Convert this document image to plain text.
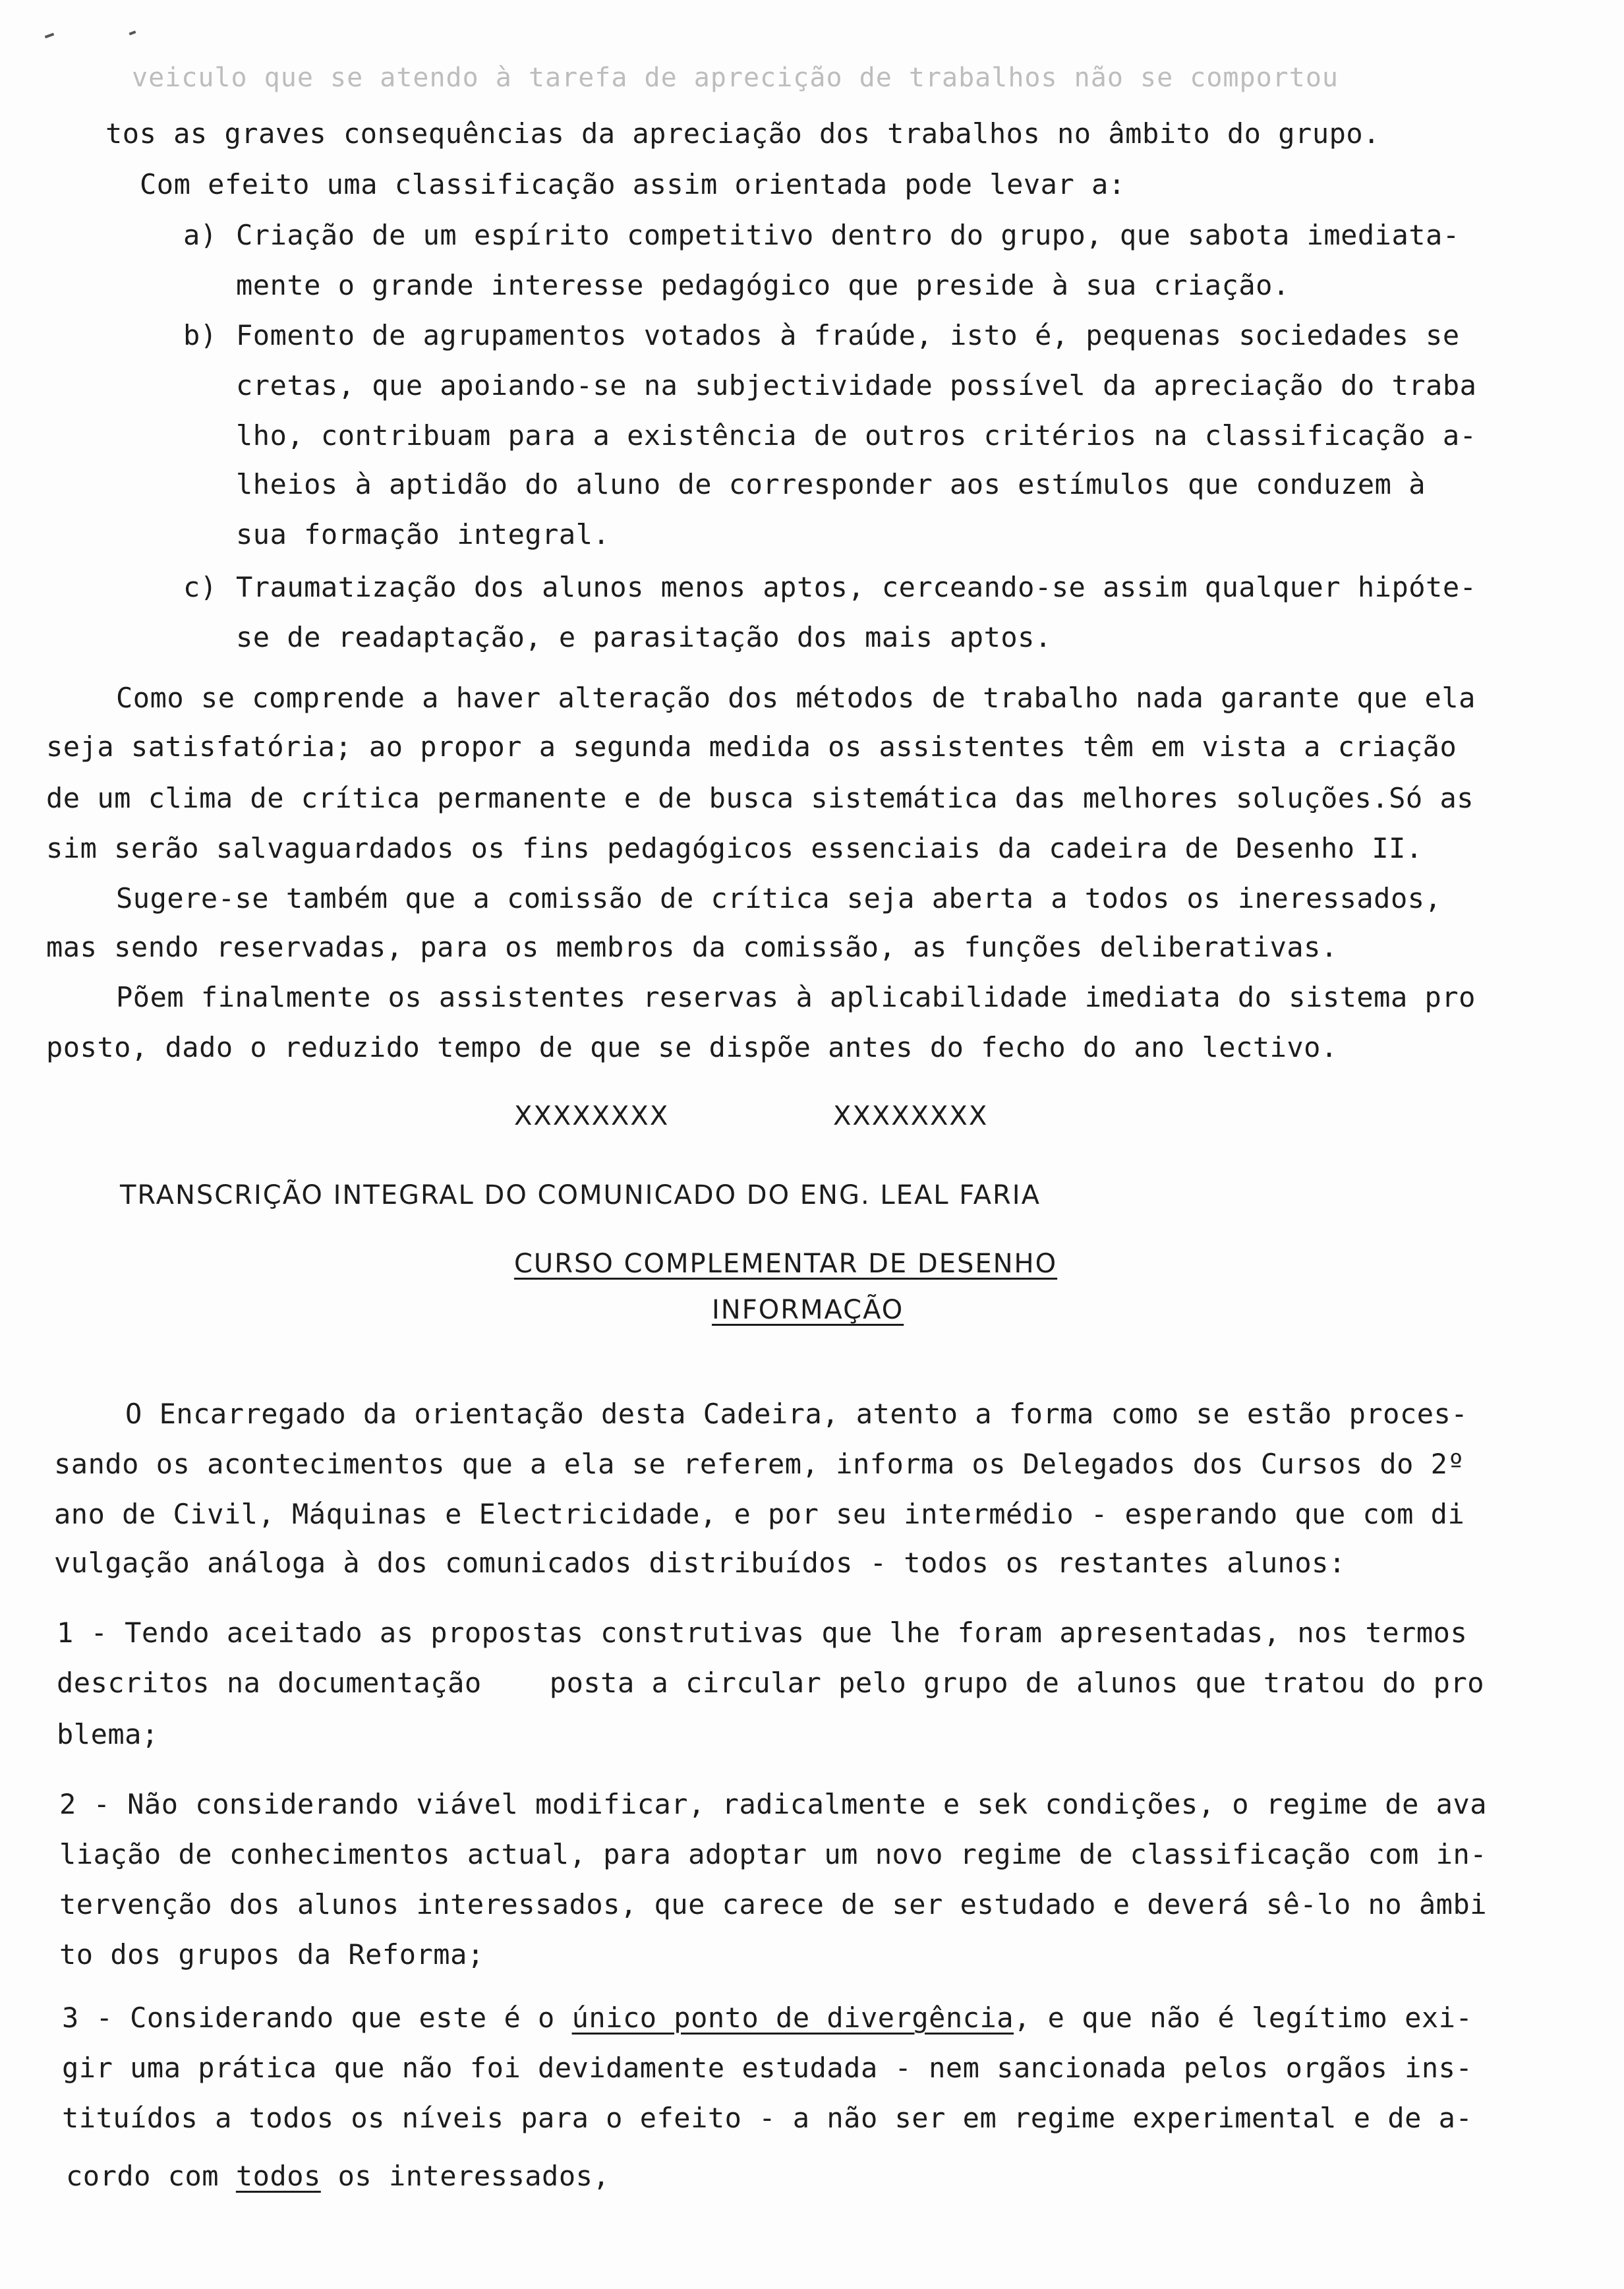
veiculo que se atendo à tarefa de aprecição de trabalhos não se comportou
tos as graves consequências da apreciação dos trabalhos no âmbito do grupo.
Com efeito uma classificação assim orientada pode levar a:
a) Criação de um espírito competitivo dentro do grupo, que sabota imediata-
mente o grande interesse pedagógico que preside à sua criação.
b) Fomento de agrupamentos votados à fraúde, isto é, pequenas sociedades se
cretas, que apoiando-se na subjectividade possível da apreciação do traba
lho, contribuam para a existência de outros critérios na classificação a-
lheios à aptidão do aluno de corresponder aos estímulos que conduzem à
sua formação integral.
c) Traumatização dos alunos menos aptos, cerceando-se assim qualquer hipóte-
se de readaptação, e parasitação dos mais aptos.
Como se comprende a haver alteração dos métodos de trabalho nada garante que ela
seja satisfatória; ao propor a segunda medida os assistentes têm em vista a criação
de um clima de crítica permanente e de busca sistemática das melhores soluções.Só as
sim serão salvaguardados os fins pedagógicos essenciais da cadeira de Desenho II.
Sugere-se também que a comissão de crítica seja aberta a todos os ineressados,
mas sendo reservadas, para os membros da comissão, as funções deliberativas.
Põem finalmente os assistentes reservas à aplicabilidade imediata do sistema pro
posto, dado o reduzido tempo de que se dispõe antes do fecho do ano lectivo.
XXXXXXXX	XXXXXXXX
TRANSCRIÇÃO INTEGRAL DO COMUNICADO DO ENG. LEAL FARIA
CURSO COMPLEMENTAR DE DESENHO
INFORMAÇÃO
O Encarregado da orientação desta Cadeira, atento a forma como se estão proces-
sando os acontecimentos que a ela se referem, informa os Delegados dos Cursos do 2º
ano de Civil, Máquinas e Electricidade, e por seu intermédio - esperando que com di
vulgação análoga à dos comunicados distribuídos - todos os restantes alunos:
1 - Tendo aceitado as propostas construtivas que lhe foram apresentadas, nos termos
descritos na documentação    posta a circular pelo grupo de alunos que tratou do pro
blema;
2 - Não considerando viável modificar, radicalmente e sek condições, o regime de ava
liação de conhecimentos actual, para adoptar um novo regime de classificação com in-
tervenção dos alunos interessados, que carece de ser estudado e deverá sê-lo no âmbi
to dos grupos da Reforma;
3 - Considerando que este é o único ponto de divergência, e que não é legítimo exi-
gir uma prática que não foi devidamente estudada - nem sancionada pelos orgãos ins-
tituídos a todos os níveis para o efeito - a não ser em regime experimental e de a-
cordo com todos os interessados,
